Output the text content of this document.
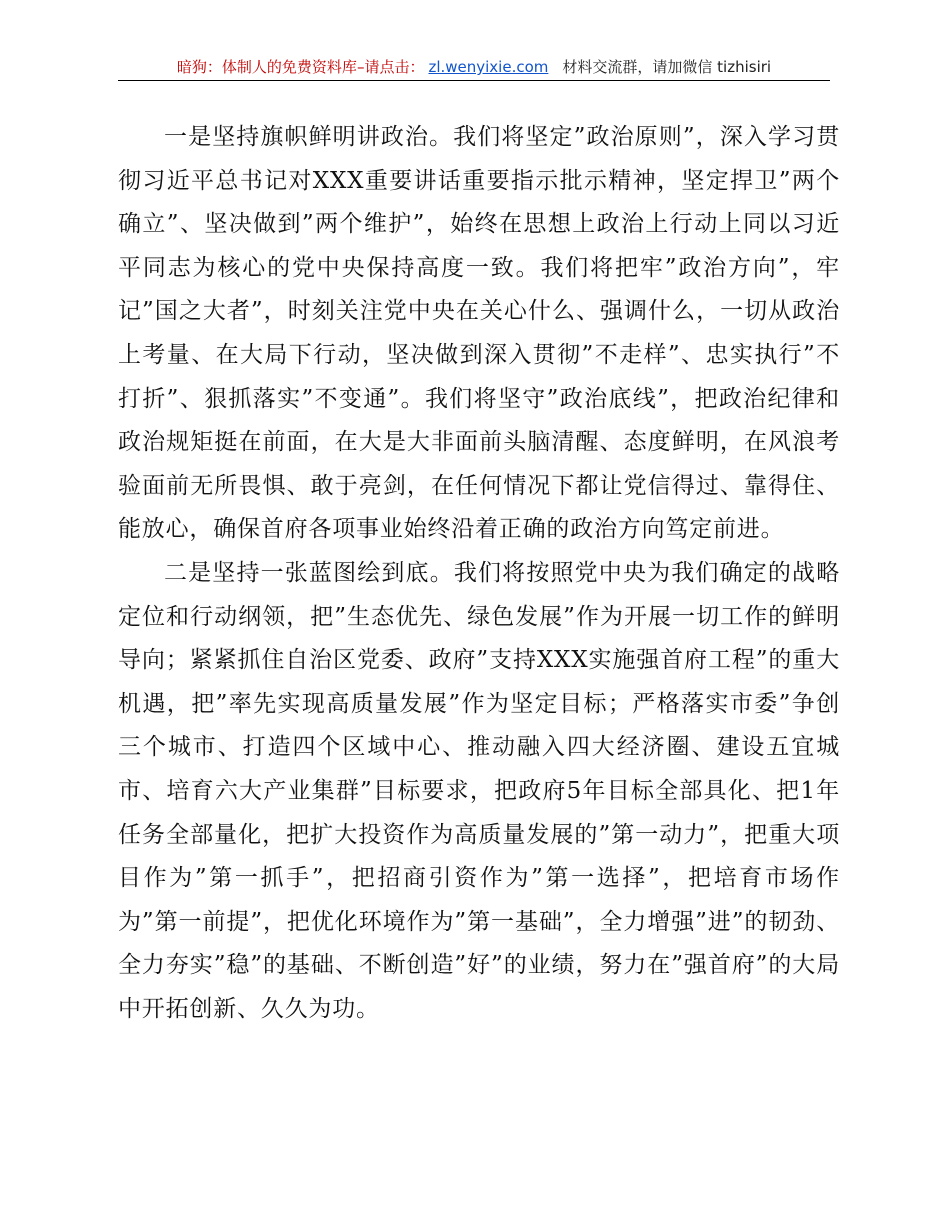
暗狗：体制人的免费资料库–请点击： zl.wenyixie.com 材料交流群，请加微信 tizhisiri

一是坚持旗帜鲜明讲政治。我们将坚定”政治原则”，深入学习贯彻习近平总书记对XXX重要讲话重要指示批示精神，坚定捍卫”两个确立”、坚决做到”两个维护”，始终在思想上政治上行动上同以习近平同志为核心的党中央保持高度一致。我们将把牢”政治方向”，牢记”国之大者”，时刻关注党中央在关心什么、强调什么，一切从政治上考量、在大局下行动，坚决做到深入贯彻”不走样”、忠实执行”不打折”、狠抓落实”不变通”。我们将坚守”政治底线”，把政治纪律和政治规矩挺在前面，在大是大非面前头脑清醒、态度鲜明，在风浪考验面前无所畏惧、敢于亮剑，在任何情况下都让党信得过、靠得住、能放心，确保首府各项事业始终沿着正确的政治方向笃定前进。

二是坚持一张蓝图绘到底。我们将按照党中央为我们确定的战略定位和行动纲领，把”生态优先、绿色发展”作为开展一切工作的鲜明导向；紧紧抓住自治区党委、政府”支持XXX实施强首府工程”的重大机遇，把”率先实现高质量发展”作为坚定目标；严格落实市委”争创三个城市、打造四个区域中心、推动融入四大经济圈、建设五宜城市、培育六大产业集群”目标要求，把政府5年目标全部具化、把1年任务全部量化，把扩大投资作为高质量发展的”第一动力”，把重大项目作为”第一抓手”，把招商引资作为”第一选择”，把培育市场作为”第一前提”，把优化环境作为”第一基础”，全力增强”进”的韧劲、全力夯实”稳”的基础、不断创造”好”的业绩，努力在”强首府”的大局中开拓创新、久久为功。
